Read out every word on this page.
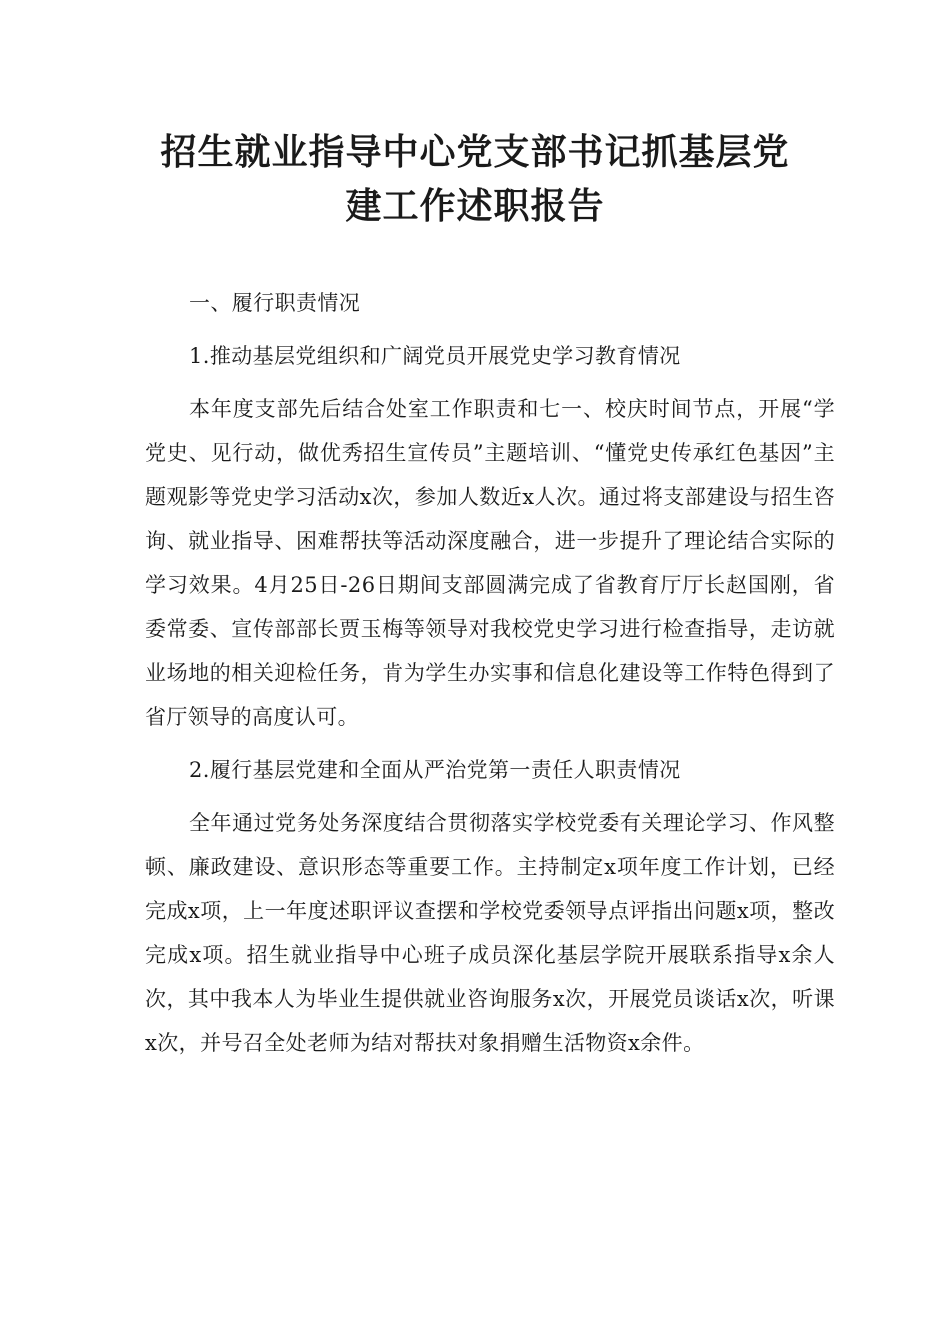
招生就业指导中心党支部书记抓基层党
建工作述职报告

一、履行职责情况

1.推动基层党组织和广阔党员开展党史学习教育情况

本年度支部先后结合处室工作职责和七一、校庆时间节点，开展“学党史、见行动，做优秀招生宣传员”主题培训、“懂党史传承红色基因”主题观影等党史学习活动x次，参加人数近x人次。通过将支部建设与招生咨询、就业指导、困难帮扶等活动深度融合，进一步提升了理论结合实际的学习效果。4月25日-26日期间支部圆满完成了省教育厅厅长赵国刚，省委常委、宣传部部长贾玉梅等领导对我校党史学习进行检查指导，走访就业场地的相关迎检任务，肯为学生办实事和信息化建设等工作特色得到了省厅领导的高度认可。

2.履行基层党建和全面从严治党第一责任人职责情况

全年通过党务处务深度结合贯彻落实学校党委有关理论学习、作风整顿、廉政建设、意识形态等重要工作。主持制定x项年度工作计划，已经完成x项，上一年度述职评议查摆和学校党委领导点评指出问题x项，整改完成x项。招生就业指导中心班子成员深化基层学院开展联系指导x余人次，其中我本人为毕业生提供就业咨询服务x次，开展党员谈话x次，听课x次，并号召全处老师为结对帮扶对象捐赠生活物资x余件。
